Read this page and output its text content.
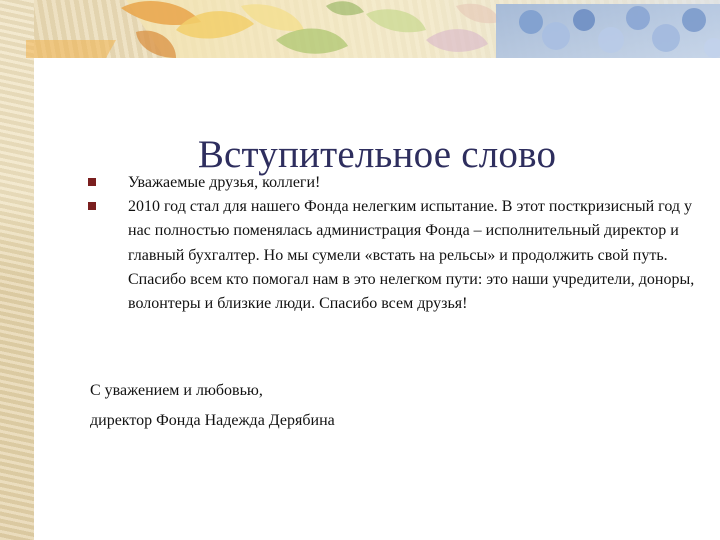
Вступительное слово
Уважаемые друзья, коллеги!
2010 год стал для нашего Фонда нелегким испытание. В этот посткризисный год у нас полностью поменялась администрация Фонда – исполнительный директор и главный бухгалтер. Но мы сумели «встать на рельсы» и продолжить свой путь. Спасибо всем кто помогал нам в это нелегком пути: это наши учредители, доноры, волонтеры и близкие люди. Спасибо всем друзья!
С уважением и любовью,
директор Фонда Надежда Дерябина
